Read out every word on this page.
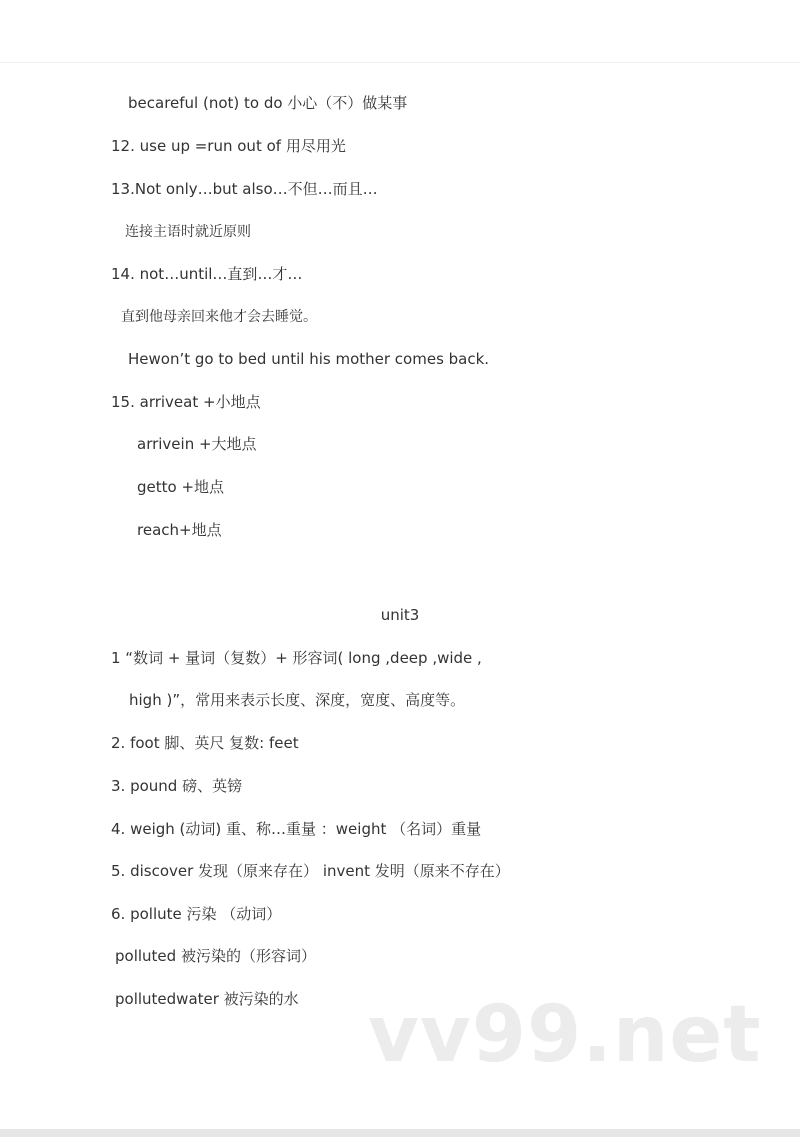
becareful (not) to do 小心（不）做某事
12. use up =run out of 用尽用光
13.Not only…but also…不但…而且…
连接主语时就近原则
14. not…until…直到…才…
直到他母亲回来他才会去睡觉。
Hewon’t go to bed until his mother comes back.
15. arriveat +小地点
arrivein +大地点
getto +地点
reach+地点
unit3
1 “数词 + 量词（复数）+ 形容词( long ,deep ,wide ,
high )”，常用来表示长度、深度，宽度、高度等。
2. foot 脚、英尺 复数: feet
3. pound 磅、英镑
4. weigh (动词) 重、称…重量 ：weight （名词）重量
5. discover 发现（原来存在） invent 发明（原来不存在）
6. pollute 污染 （动词）
polluted 被污染的（形容词）
pollutedwater 被污染的水 vv99.net
